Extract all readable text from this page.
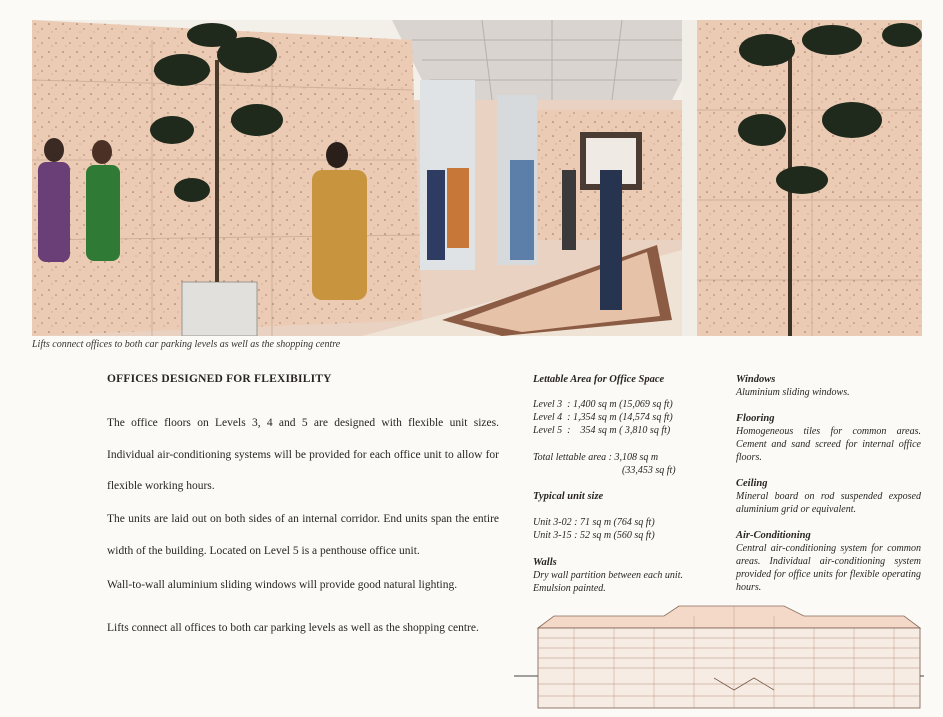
Lifts connect offices to both car parking levels as well as the shopping centre
OFFICES DESIGNED FOR FLEXIBILITY
The office floors on Levels 3, 4 and 5 are designed with flexible unit sizes. Individual air-conditioning systems will be provided for each office unit to allow for flexible working hours.
The units are laid out on both sides of an internal corridor. End units span the entire width of the building. Located on Level 5 is a penthouse office unit.
Wall-to-wall aluminium sliding windows will provide good natural lighting.
Lifts connect all offices to both car parking levels as well as the shopping centre.
Lettable Area for Office Space
Level 3  : 1,400 sq m (15,069 sq ft)
Level 4  : 1,354 sq m (14,574 sq ft)
Level 5  :    354 sq m ( 3,810 sq ft)
Total lettable area : 3,108 sq m
(33,453 sq ft)
Typical unit size
Unit 3-02 : 71 sq m (764 sq ft)
Unit 3-15 : 52 sq m (560 sq ft)
Walls
Dry wall partition between each unit. Emulsion painted.
Windows
Aluminium sliding windows.
Flooring
Homogeneous tiles for common areas. Cement and sand screed for internal office floors.
Ceiling
Mineral board on rod suspended exposed aluminium grid or equivalent.
Air-Conditioning
Central air-conditioning system for common areas. Individual air-conditioning system provided for office units for flexible operating hours.
